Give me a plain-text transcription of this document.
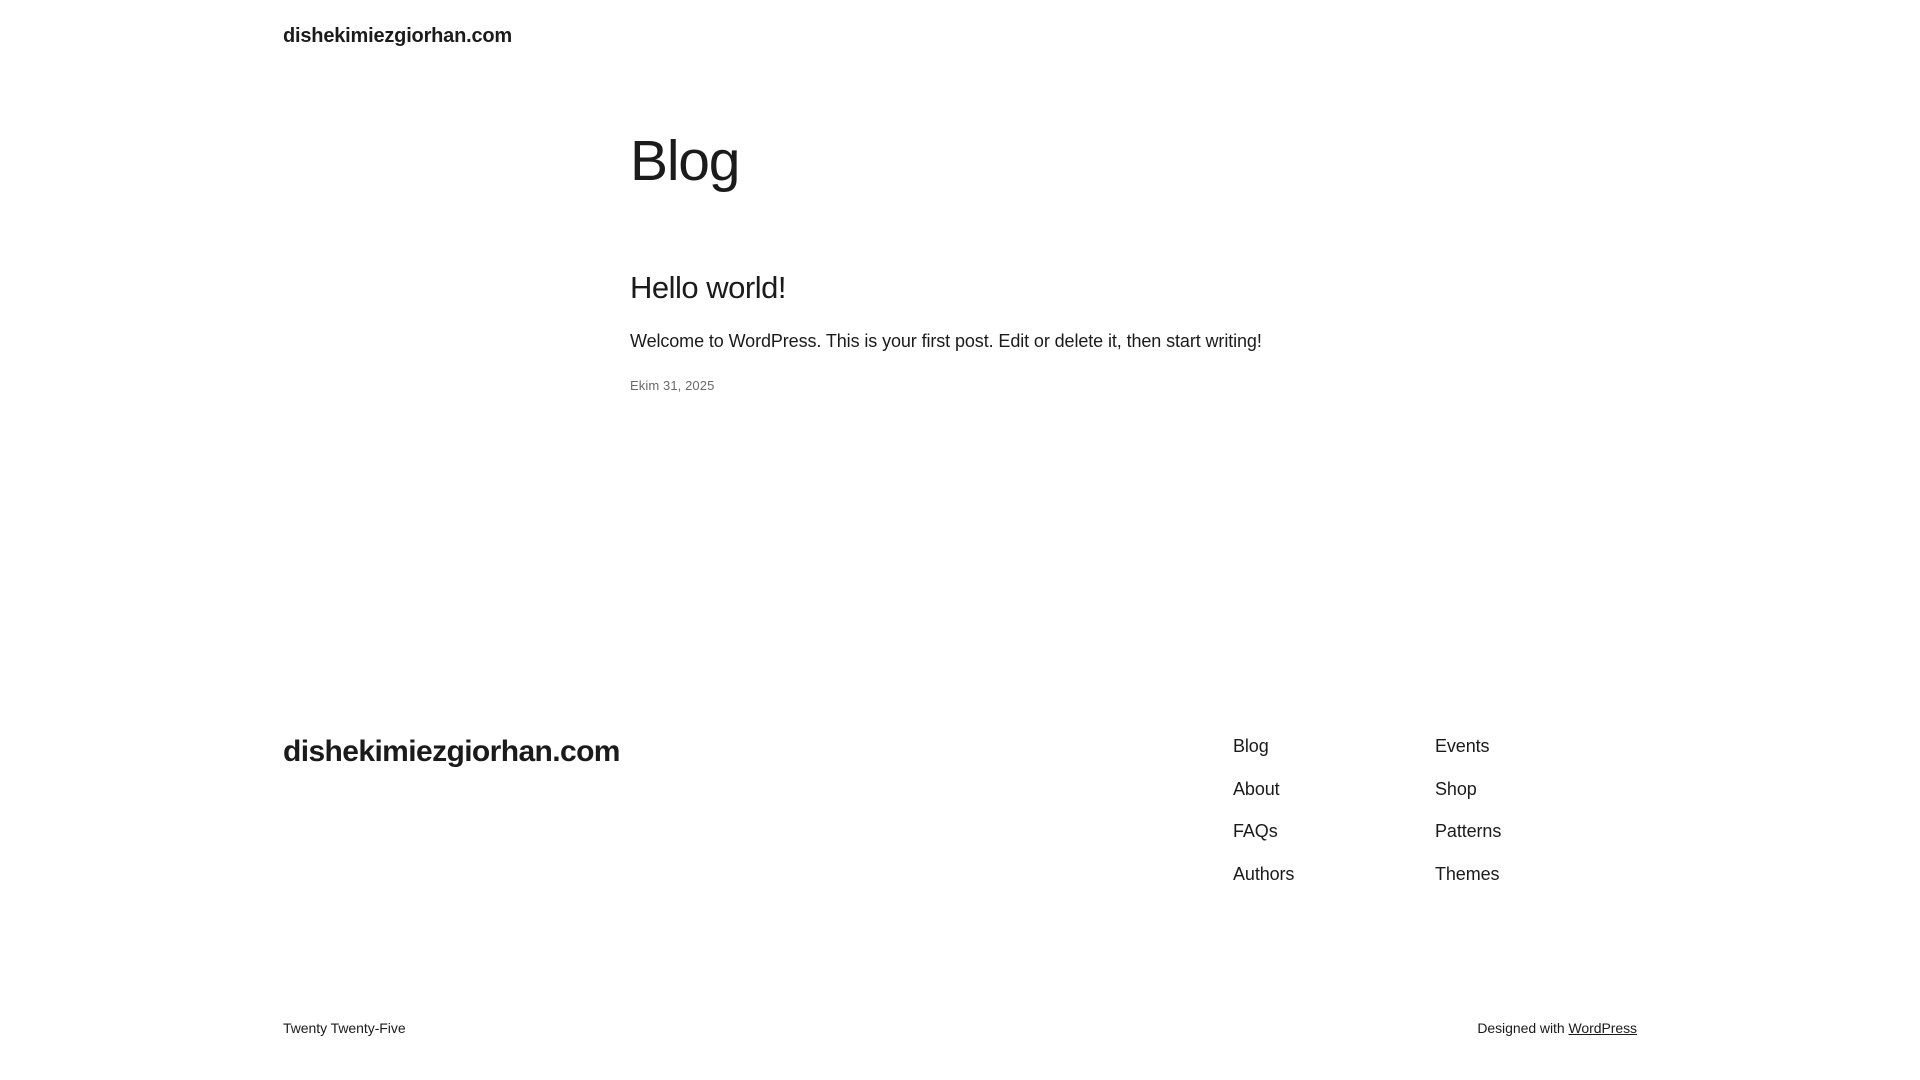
dishekimiezgiorhan.com
Blog
Hello world!

Welcome to WordPress. This is your first post. Edit or delete it, then start writing!

Ekim 31, 2025

dishekimiezgiorhan.com	Blog
About
FAQs
Authors
Events
Shop
Patterns
Themes
Twenty Twenty-Five	Designed with WordPress
